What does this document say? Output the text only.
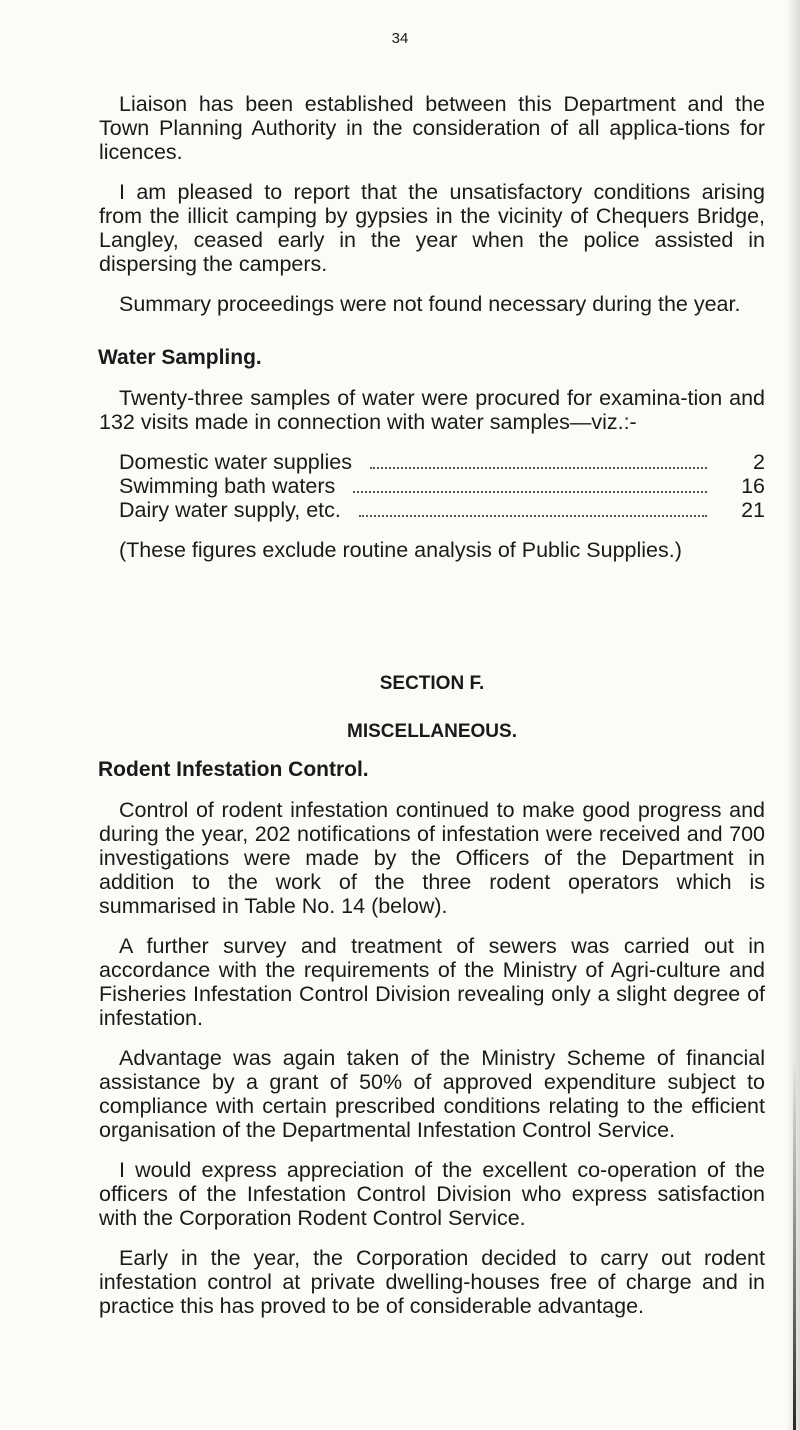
34

Liaison has been established between this Department and the Town Planning Authority in the consideration of all applica-tions for licences.

I am pleased to report that the unsatisfactory conditions arising from the illicit camping by gypsies in the vicinity of Chequers Bridge, Langley, ceased early in the year when the police assisted in dispersing the campers.

Summary proceedings were not found necessary during the year.

Water Sampling.

Twenty-three samples of water were procured for examina-tion and 132 visits made in connection with water samples—viz.:-

Domestic water supplies	2
Swimming bath waters	16
Dairy water supply, etc.	21

(These figures exclude routine analysis of Public Supplies.)

SECTION F.

MISCELLANEOUS.

Rodent Infestation Control.

Control of rodent infestation continued to make good progress and during the year, 202 notifications of infestation were received and 700 investigations were made by the Officers of the Department in addition to the work of the three rodent operators which is summarised in Table No. 14 (below).

A further survey and treatment of sewers was carried out in accordance with the requirements of the Ministry of Agri-culture and Fisheries Infestation Control Division revealing only a slight degree of infestation.

Advantage was again taken of the Ministry Scheme of financial assistance by a grant of 50% of approved expenditure subject to compliance with certain prescribed conditions relating to the efficient organisation of the Departmental Infestation Control Service.

I would express appreciation of the excellent co-operation of the officers of the Infestation Control Division who express satisfaction with the Corporation Rodent Control Service.

Early in the year, the Corporation decided to carry out rodent infestation control at private dwelling-houses free of charge and in practice this has proved to be of considerable advantage.
